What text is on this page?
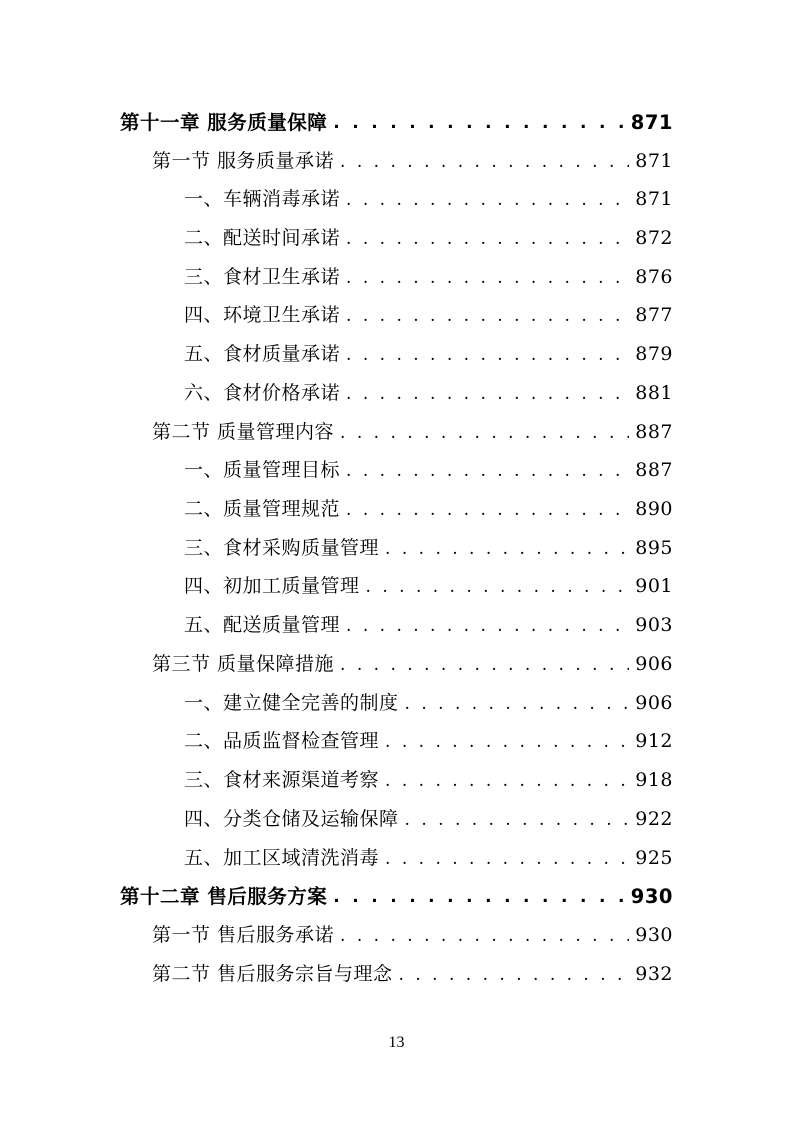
第十一章 服务质量保障 . . .	871
第一节 服务质量承诺 . . .	871
一、车辆消毒承诺 . . .	871
二、配送时间承诺 . . .	872
三、食材卫生承诺 . . .	876
四、环境卫生承诺 . . .	877
五、食材质量承诺 . . .	879
六、食材价格承诺 . . .	881
第二节 质量管理内容 . . .	887
一、质量管理目标 . . .	887
二、质量管理规范 . . .	890
三、食材采购质量管理 . . .	895
四、初加工质量管理 . . .	901
五、配送质量管理 . . .	903
第三节 质量保障措施 . . .	906
一、建立健全完善的制度 . . .	906
二、品质监督检查管理 . . .	912
三、食材来源渠道考察 . . .	918
四、分类仓储及运输保障 . . .	922
五、加工区域清洗消毒 . . .	925
第十二章 售后服务方案 . . .	930
第一节 售后服务承诺 . . .	930
第二节 售后服务宗旨与理念 . . .	932
13
